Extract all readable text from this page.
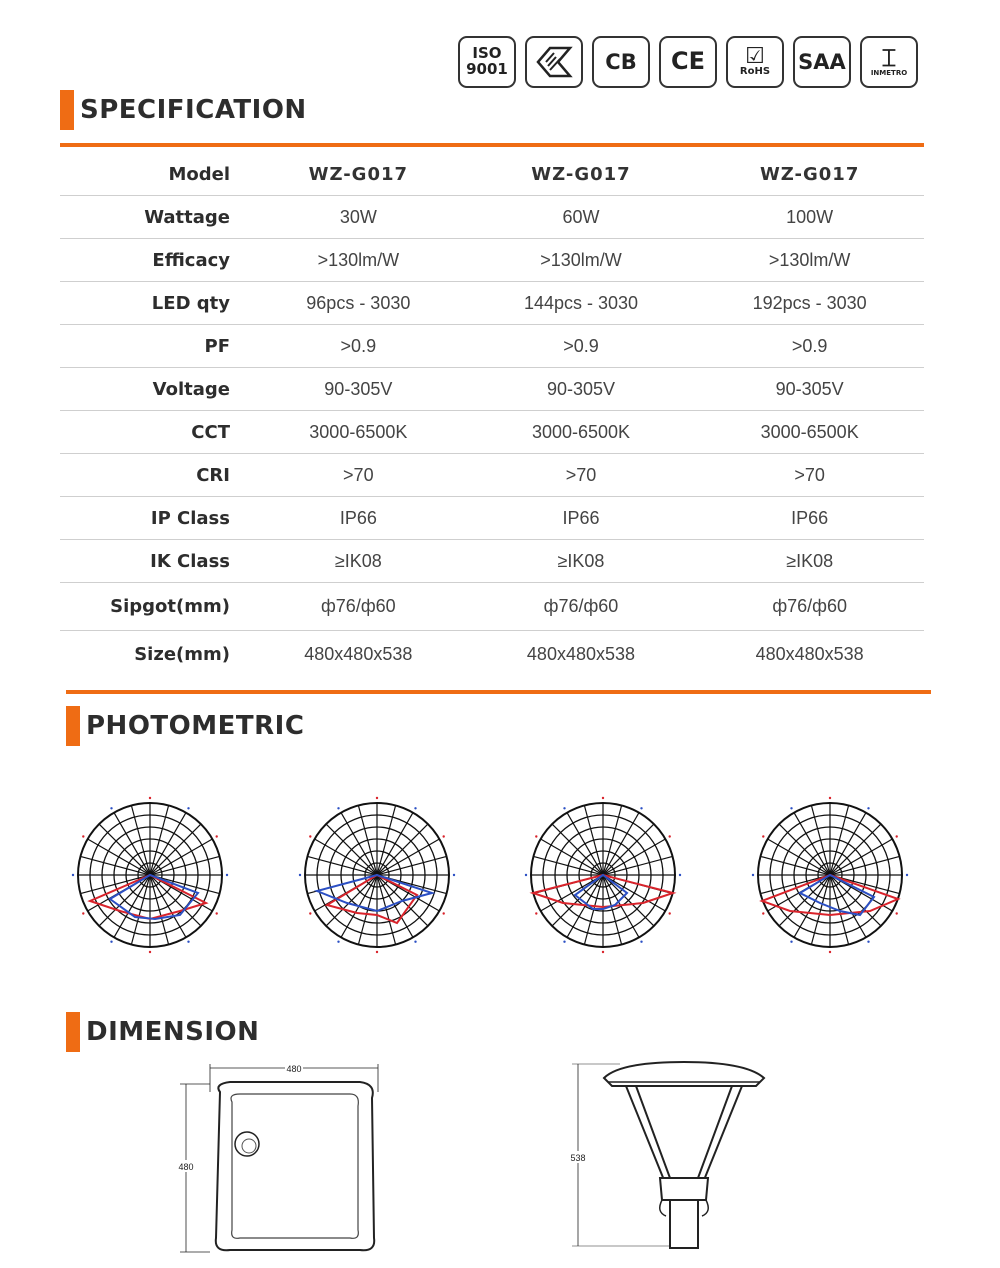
ISO
9001	CB CE ☑
RoHS SAA ⌶
INMETRO
SPECIFICATION
Model	WZ-G017	WZ-G017	WZ-G017
Wattage	30W	60W	100W
Efficacy	>130lm/W	>130lm/W	>130lm/W
LED qty	96pcs - 3030	144pcs - 3030	192pcs - 3030
PF	>0.9	>0.9	>0.9
Voltage	90-305V	90-305V	90-305V
CCT	3000-6500K	3000-6500K	3000-6500K
CRI	>70	>70	>70
IP Class	IP66	IP66	IP66
IK Class	≥IK08	≥IK08	≥IK08
Sipgot(mm)	ф76/ф60	ф76/ф60	ф76/ф60
Size(mm)	480x480x538	480x480x538	480x480x538
PHOTOMETRIC
DIMENSION
480
480
538
